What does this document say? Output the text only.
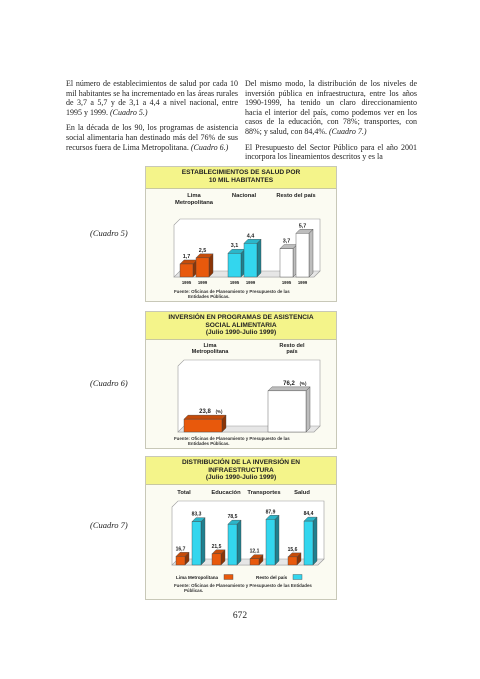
El número de establecimientos de salud por cada 10 mil habitantes se ha incrementado en las áreas rurales de 3,7 a 5,7 y de 3,1 a 4,4 a nivel nacional, entre 1995 y 1999. (Cuadro 5.)

En la década de los 90, los programas de asistencia social alimentaria han destinado más del 76% de sus recursos fuera de Lima Metropolitana. (Cuadro 6.)

Del mismo modo, la distribución de los niveles de inversión pública en infraestructura, entre los años 1990-1999, ha tenido un claro direccionamiento hacia el interior del país, como podemos ver en los casos de la educación, con 78%; transportes, con 88%; y salud, con 84,4%. (Cuadro 7.)

El Presupuesto del Sector Público para el año 2001 incorpora los lineamientos descritos y es la

(Cuadro 5)
(Cuadro 6)
(Cuadro 7)
ESTABLECIMIENTOS DE SALUD POR
10 MIL HABITANTES
Lima
Metropolitana
1,7
1995
2,5
1999
Nacional
3,1
1995
4,4
1999
Resto del país
3,7
1995
5,7
1999
Fuente: Oficinas de Planeamiento y Presupuesto de las
Entidades Públicas.
INVERSIÓN EN PROGRAMAS DE ASISTENCIA
SOCIAL ALIMENTARIA
(Julio 1990-Julio 1999)
Lima
Metropolitana
Resto del
país
23,8 (%)
76,2 (%)
Fuente: Oficinas de Planeamiento y Presupuesto de las
Entidades Públicas.
DISTRIBUCIÓN DE LA INVERSIÓN EN
INFRAESTRUCTURA
(Julio 1990-Julio 1999)
Total	Educación Transportes Salud
16,7	21,5
12,1	15,6
83,3	78,5
87,9	84,4
Lima Metropolitana	Resto del país
Fuente: Oficinas de Planeamiento y Presupuesto de las Entidades
Públicas.
672
